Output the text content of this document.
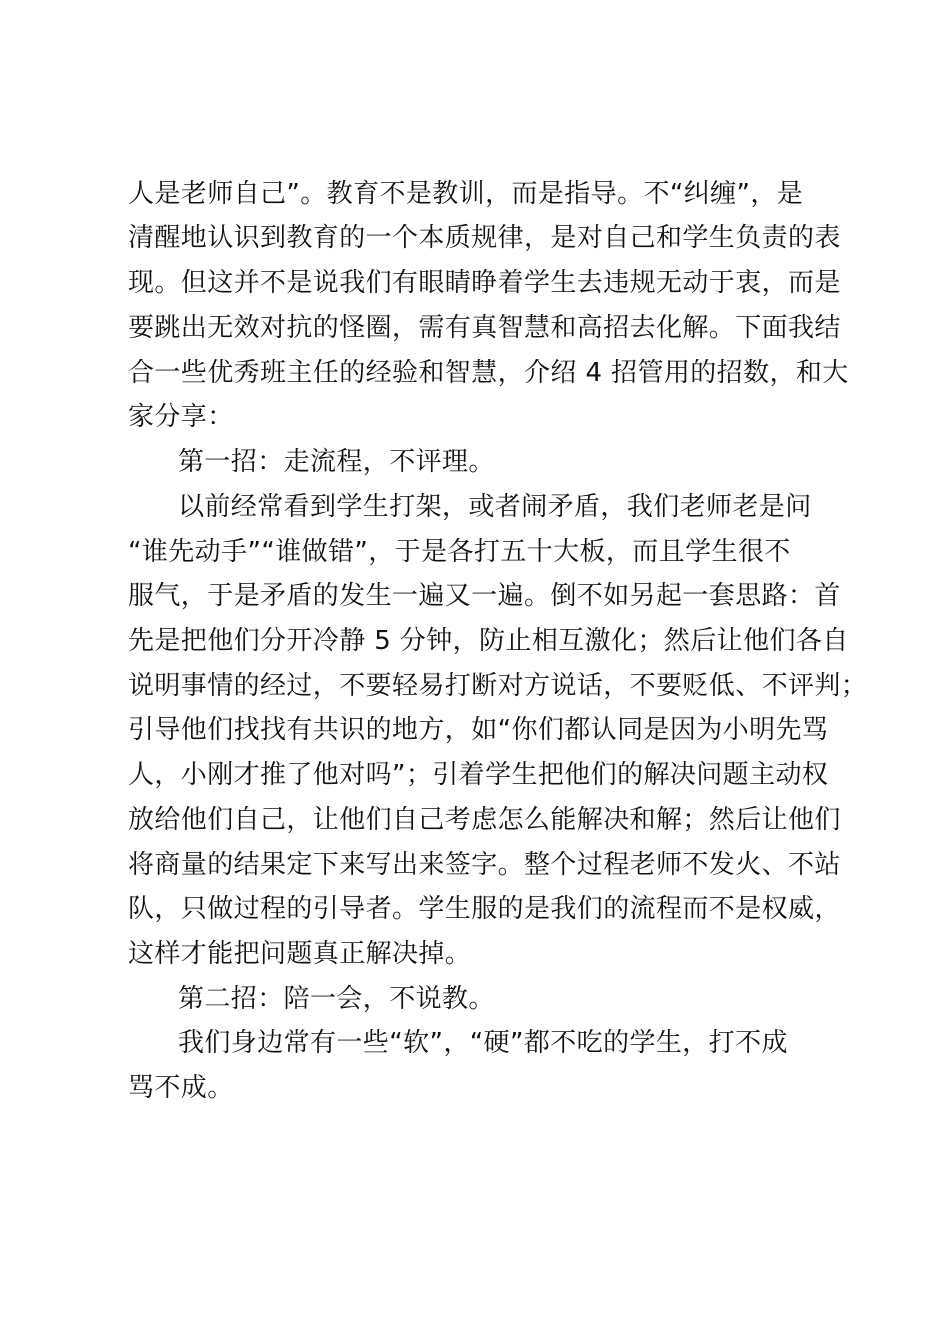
人是老师自己”。教育不是教训，而是指导。不“纠缠”，是
清醒地认识到教育的一个本质规律，是对自己和学生负责的表
现。但这并不是说我们有眼睛睁着学生去违规无动于衷，而是
要跳出无效对抗的怪圈，需有真智慧和高招去化解。下面我结
合一些优秀班主任的经验和智慧，介绍 4 招管用的招数，和大
家分享：
第一招：走流程，不评理。
以前经常看到学生打架，或者闹矛盾，我们老师老是问
“谁先动手”“谁做错”，于是各打五十大板，而且学生很不
服气，于是矛盾的发生一遍又一遍。倒不如另起一套思路：首
先是把他们分开冷静 5 分钟，防止相互激化；然后让他们各自
说明事情的经过，不要轻易打断对方说话，不要贬低、不评判；
引导他们找找有共识的地方，如“你们都认同是因为小明先骂
人，小刚才推了他对吗”；引着学生把他们的解决问题主动权
放给他们自己，让他们自己考虑怎么能解决和解；然后让他们
将商量的结果定下来写出来签字。整个过程老师不发火、不站
队，只做过程的引导者。学生服的是我们的流程而不是权威，
这样才能把问题真正解决掉。
第二招：陪一会，不说教。
我们身边常有一些“软”，“硬”都不吃的学生，打不成
骂不成。
